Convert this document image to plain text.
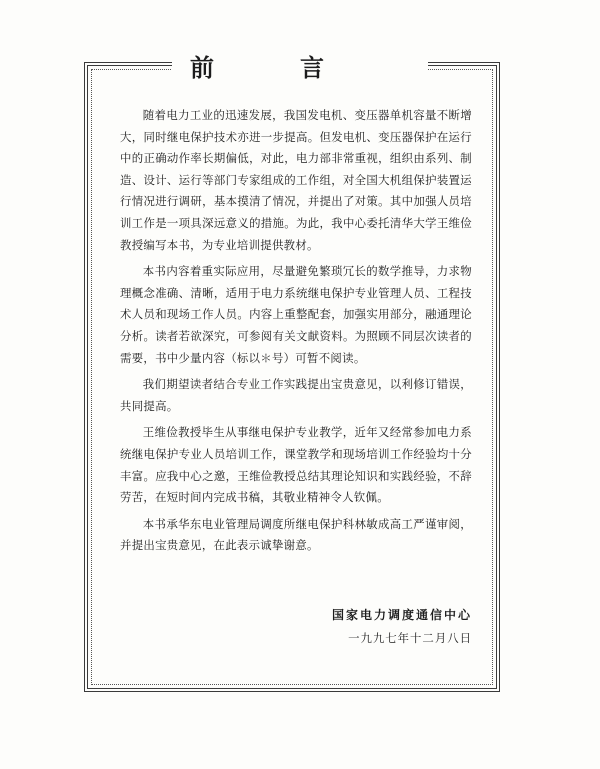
前言

随着电力工业的迅速发展，我国发电机、变压器单机容量不断增大，同时继电保护技术亦进一步提高。但发电机、变压器保护在运行中的正确动作率长期偏低，对此，电力部非常重视，组织由系列、制造、设计、运行等部门专家组成的工作组，对全国大机组保护装置运行情况进行调研，基本摸清了情况，并提出了对策。其中加强人员培训工作是一项具深远意义的措施。为此，我中心委托清华大学王维俭教授编写本书，为专业培训提供教材。

本书内容着重实际应用，尽量避免繁琐冗长的数学推导，力求物理概念准确、清晰，适用于电力系统继电保护专业管理人员、工程技术人员和现场工作人员。内容上重整配套，加强实用部分，融通理论分析。读者若欲深究，可参阅有关文献资料。为照顾不同层次读者的需要，书中少量内容（标以＊号）可暂不阅读。

我们期望读者结合专业工作实践提出宝贵意见，以利修订错误，共同提高。

王维俭教授毕生从事继电保护专业教学，近年又经常参加电力系统继电保护专业人员培训工作，课堂教学和现场培训工作经验均十分丰富。应我中心之邀，王维俭教授总结其理论知识和实践经验，不辞劳苦，在短时间内完成书稿，其敬业精神令人钦佩。

本书承华东电业管理局调度所继电保护科林敏成高工严谨审阅，并提出宝贵意见，在此表示诚挚谢意。

国家电力调度通信中心
一九九七年十二月八日
